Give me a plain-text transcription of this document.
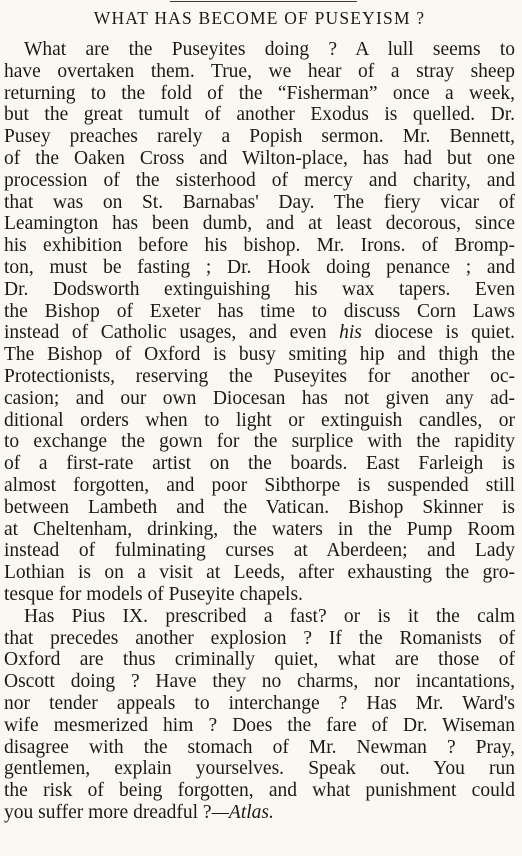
WHAT HAS BECOME OF PUSEYISM ?

What are the Puseyites doing ? A lull seems to
have overtaken them. True, we hear of a stray sheep
returning to the fold of the “Fisherman” once a week,
but the great tumult of another Exodus is quelled. Dr.
Pusey preaches rarely a Popish sermon. Mr. Bennett,
of the Oaken Cross and Wilton-place, has had but one
procession of the sisterhood of mercy and charity, and
that was on St. Barnabas' Day. The fiery vicar of
Leamington has been dumb, and at least decorous, since
his exhibition before his bishop. Mr. Irons. of Bromp-
ton, must be fasting ; Dr. Hook doing penance ; and
Dr. Dodsworth extinguishing his wax tapers. Even
the Bishop of Exeter has time to discuss Corn Laws
instead of Catholic usages, and even his diocese is quiet.
The Bishop of Oxford is busy smiting hip and thigh the
Protectionists, reserving the Puseyites for another oc-
casion; and our own Diocesan has not given any ad-
ditional orders when to light or extinguish candles, or
to exchange the gown for the surplice with the rapidity
of a first-rate artist on the boards. East Farleigh is
almost forgotten, and poor Sibthorpe is suspended still
between Lambeth and the Vatican. Bishop Skinner is
at Cheltenham, drinking, the waters in the Pump Room
instead of fulminating curses at Aberdeen; and Lady
Lothian is on a visit at Leeds, after exhausting the gro-
tesque for models of Puseyite chapels.

Has Pius IX. prescribed a fast? or is it the calm
that precedes another explosion ? If the Romanists of
Oxford are thus criminally quiet, what are those of
Oscott doing ? Have they no charms, nor incantations,
nor tender appeals to interchange ? Has Mr. Ward's
wife mesmerized him ? Does the fare of Dr. Wiseman
disagree with the stomach of Mr. Newman ? Pray,
gentlemen, explain yourselves. Speak out. You run
the risk of being forgotten, and what punishment could
you suffer more dreadful ?—Atlas.
